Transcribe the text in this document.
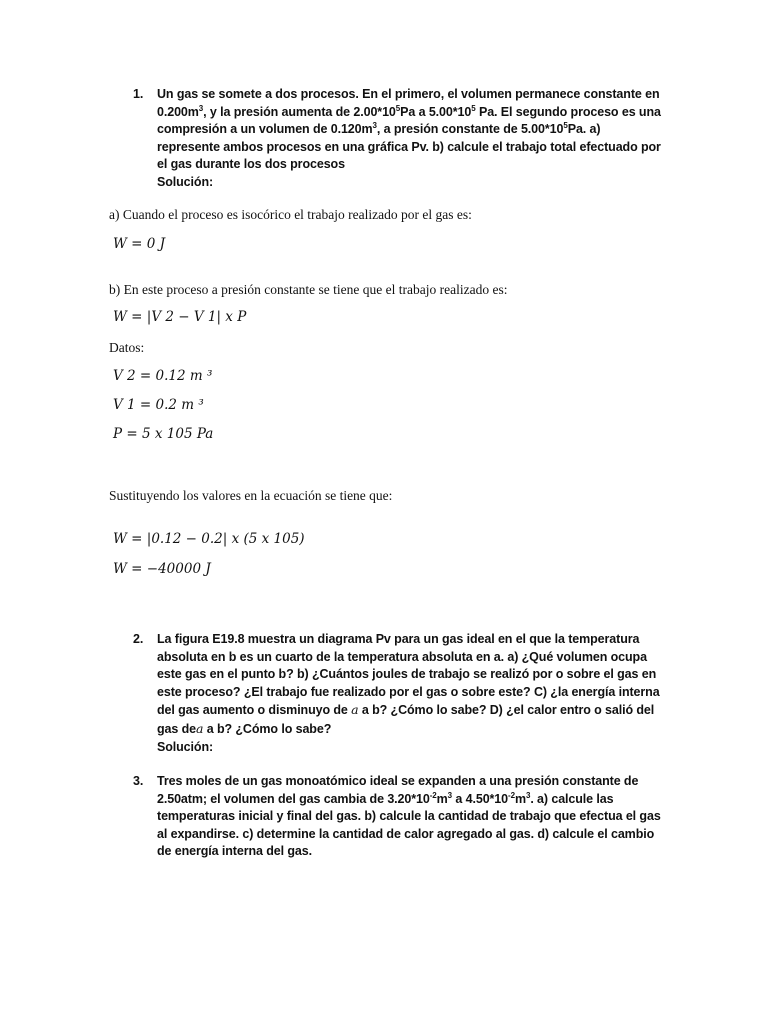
1. Un gas se somete a dos procesos. En el primero, el volumen permanece constante en
$0.200m^3$, y la presión aumenta de $2.00*10^5Pa$ a $5.00*10^5$ Pa. El segundo proceso es una
compresión a un volumen de $0.120m^3$, a presión constante de $5.00*10^5Pa$. a)
represente ambos procesos en una gráfica Pv. b) calcule el trabajo total efectuado por
el gas durante los dos procesos
Solución:
a) Cuando el proceso es isocórico el trabajo realizado por el gas es:
W = 0 J
b) En este proceso a presión constante se tiene que el trabajo realizado es:
W = |V 2 − V 1| x P
Datos:
V 2 = 0.12 m ³
V 1 = 0.2 m ³
P = 5 x 105 Pa
Sustituyendo los valores en la ecuación se tiene que:
W = |0.12 − 0.2| x (5 x 105)
W = −40000 J
2. La figura E19.8 muestra un diagrama Pv para un gas ideal en el que la temperatura
absoluta en b es un cuarto de la temperatura absoluta en a. a) ¿Qué volumen ocupa
este gas en el punto b? b) ¿Cuántos joules de trabajo se realizó por o sobre el gas en
este proceso? ¿El trabajo fue realizado por el gas o sobre este? C) ¿la energía interna
del gas aumento o disminuyo de a a b? ¿Cómo lo sabe? D) ¿el calor entro o salió del
gas dea a b? ¿Cómo lo sabe?
Solución:
3. Tres moles de un gas monoatómico ideal se expanden a una presión constante de
2.50atm; el volumen del gas cambia de $3.20*10^{-2}m^3$ a $4.50*10^{-2}m^3$. a) calcule las
temperaturas inicial y final del gas. b) calcule la cantidad de trabajo que efectua el gas
al expandirse. c) determine la cantidad de calor agregado al gas. d) calcule el cambio
de energía interna del gas.
